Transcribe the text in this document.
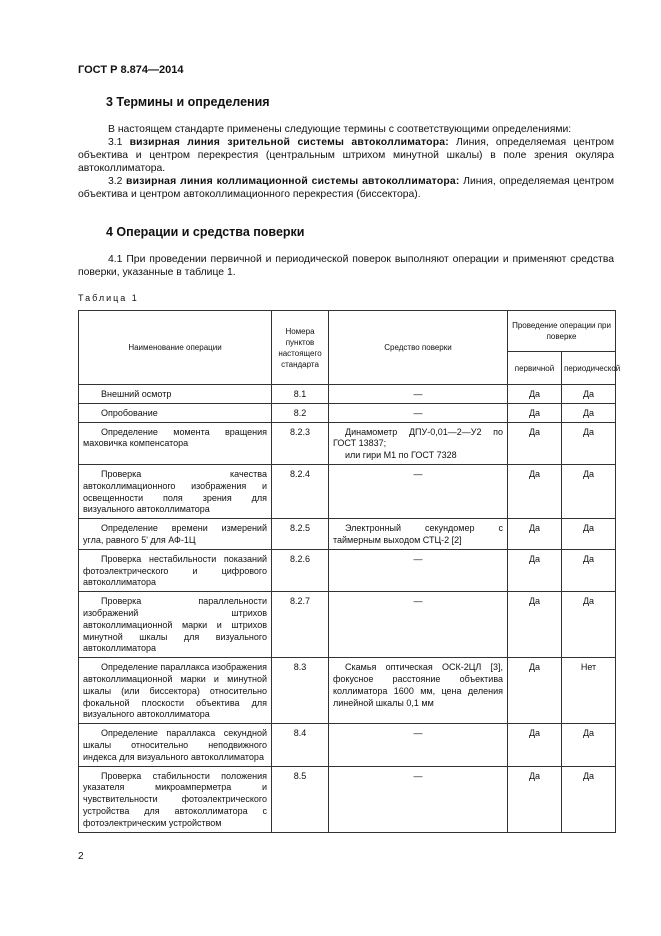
ГОСТ Р 8.874—2014
3 Термины и определения

В настоящем стандарте применены следующие термины с соответствующими определениями:

3.1 визирная линия зрительной системы автоколлиматора: Линия, определяемая центром объектива и центром перекрестия (центральным штрихом минутной шкалы) в поле зрения окуляра автоколлиматора.

3.2 визирная линия коллимационной системы автоколлиматора: Линия, определяемая центром объектива и центром автоколлимационного перекрестия (биссектора).

4 Операции и средства поверки

4.1 При проведении первичной и периодической поверок выполняют операции и применяют средства поверки, указанные в таблице 1.

Таблица 1
Наименование операции	Номера пунктов настоящего стандарта	Средство поверки	Проведение операции при поверке	
			первичной	периодической
Внешний осмотр	8.1	—	Да	Да
Опробование	8.2	—	Да	Да
Определение момента вращения маховичка компенсатора	8.2.3	Динамометр ДПУ-0,01—2—У2 по ГОСТ 13837;
или гири М1 по ГОСТ 7328	Да	Да
Проверка качества автоколлимационного изображения и освещенности поля зрения для визуального автоколлиматора	8.2.4	—	Да	Да
Определение времени измерений угла, равного 5' для АФ-1Ц	8.2.5	Электронный секундомер с таймерным выходом СТЦ-2 [2]	Да	Да
Проверка нестабильности показаний фотоэлектрического и цифрового автоколлиматора	8.2.6	—	Да	Да
Проверка параллельности изображений штрихов автоколлимационной марки и штрихов минутной шкалы для визуального автоколлиматора	8.2.7	—	Да	Да
Определение параллакса изображения автоколлимационной марки и минутной шкалы (или биссектора) относительно фокальной плоскости объектива для визуального автоколлиматора	8.3	Скамья оптическая ОСК-2ЦЛ [3], фокусное расстояние объектива коллиматора 1600 мм, цена деления линейной шкалы 0,1 мм	Да	Нет
Определение параллакса секундной шкалы относительно неподвижного индекса для визуального автоколлиматора	8.4	—	Да	Да
Проверка стабильности положения указателя микроамперметра и чувствительности фотоэлектрического устройства для автоколлиматора с фотоэлектрическим устройством	8.5	—	Да	Да
2
